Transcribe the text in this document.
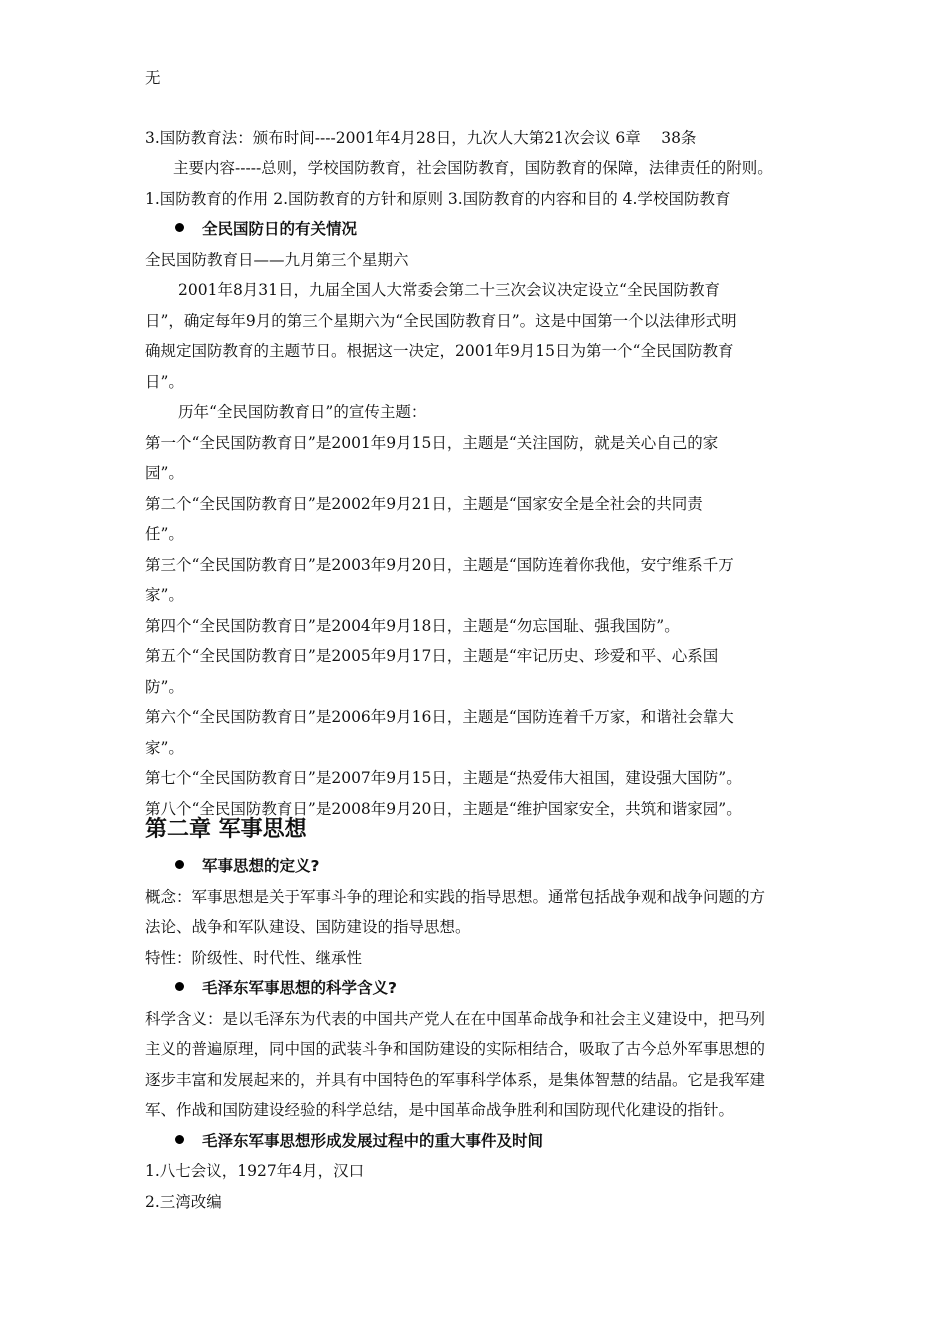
无
3.国防教育法：颁布时间----2001年4月28日，九次人大第21次会议 6章　 38条
主要内容-----总则，学校国防教育，社会国防教育，国防教育的保障，法律责任的附则。
1.国防教育的作用 2.国防教育的方针和原则 3.国防教育的内容和目的 4.学校国防教育
全民国防日的有关情况
全民国防教育日——九月第三个星期六
2001年8月31日，九届全国人大常委会第二十三次会议决定设立“全民国防教育
日”，确定每年9月的第三个星期六为“全民国防教育日”。这是中国第一个以法律形式明
确规定国防教育的主题节日。根据这一决定，2001年9月15日为第一个“全民国防教育
日”。
历年“全民国防教育日”的宣传主题：
第一个“全民国防教育日”是2001年9月15日，主题是“关注国防，就是关心自己的家
园”。
第二个“全民国防教育日”是2002年9月21日，主题是“国家安全是全社会的共同责
任”。
第三个“全民国防教育日”是2003年9月20日，主题是“国防连着你我他，安宁维系千万
家”。
第四个“全民国防教育日”是2004年9月18日，主题是“勿忘国耻、强我国防”。
第五个“全民国防教育日”是2005年9月17日，主题是“牢记历史、珍爱和平、心系国
防”。
第六个“全民国防教育日”是2006年9月16日，主题是“国防连着千万家，和谐社会靠大
家”。
第七个“全民国防教育日”是2007年9月15日，主题是“热爱伟大祖国，建设强大国防”。
第八个“全民国防教育日”是2008年9月20日，主题是“维护国家安全，共筑和谐家园”。
第二章 军事思想
军事思想的定义?
概念：军事思想是关于军事斗争的理论和实践的指导思想。通常包括战争观和战争问题的方
法论、战争和军队建设、国防建设的指导思想。
特性：阶级性、时代性、继承性
毛泽东军事思想的科学含义?
科学含义：是以毛泽东为代表的中国共产党人在在中国革命战争和社会主义建设中，把马列
主义的普遍原理，同中国的武装斗争和国防建设的实际相结合，吸取了古今总外军事思想的
逐步丰富和发展起来的，并具有中国特色的军事科学体系，是集体智慧的结晶。它是我军建
军、作战和国防建设经验的科学总结，是中国革命战争胜利和国防现代化建设的指针。
毛泽东军事思想形成发展过程中的重大事件及时间
1.八七会议，1927年4月，汉口
2.三湾改编
